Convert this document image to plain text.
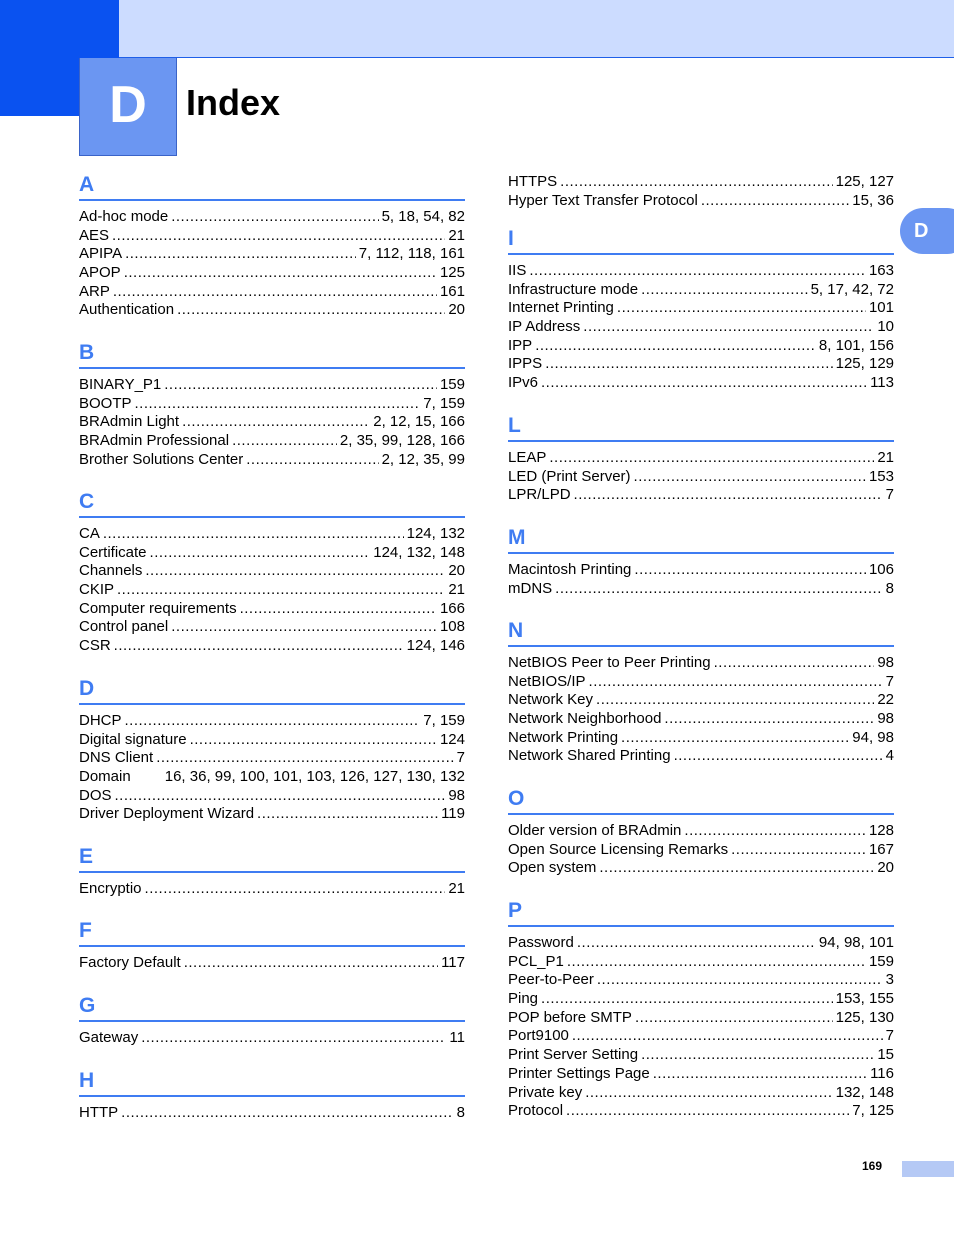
D	Index
D
A
Ad-hoc mode .....	5, 18, 54, 82
AES .....	21
APIPA .....	7, 112, 118, 161
APOP .....	125
ARP .....	161
Authentication .....	20
B
BINARY_P1 .....	159
BOOTP .....	7, 159
BRAdmin Light .....	2, 12, 15, 166
BRAdmin Professional .....	2, 35, 99, 128, 166
Brother Solutions Center .....	2, 12, 35, 99
C
CA .....	124, 132
Certificate .....	124, 132, 148
Channels .....	20
CKIP .....	21
Computer requirements .....	166
Control panel .....	108
CSR .....	124, 146
D
DHCP .....	7, 159
Digital signature .....	124
DNS Client .....	7
Domain 16, 36, 99, 100, 101, 103, 126, 127, 130, 132
DOS .....	98
Driver Deployment Wizard .....	119
E
Encryptio .....	21
F
Factory Default .....	117
G
Gateway .....	11
H
HTTP .....	8
HTTPS .....	125, 127
Hyper Text Transfer Protocol .....	15, 36
I
IIS .....	163
Infrastructure mode .....	5, 17, 42, 72
Internet Printing .....	101
IP Address .....	10
IPP .....	8, 101, 156
IPPS .....	125, 129
IPv6 .....	113
L
LEAP .....	21
LED (Print Server) .....	153
LPR/LPD .....	7
M
Macintosh Printing .....	106
mDNS .....	8
N
NetBIOS Peer to Peer Printing .....	98
NetBIOS/IP .....	7
Network Key .....	22
Network Neighborhood .....	98
Network Printing .....	94, 98
Network Shared Printing .....	4
O
Older version of BRAdmin .....	128
Open Source Licensing Remarks .....	167
Open system .....	20
P
Password .....	94, 98, 101
PCL_P1 .....	159
Peer-to-Peer .....	3
Ping .....	153, 155
POP before SMTP .....	125, 130
Port9100 .....	7
Print Server Setting .....	15
Printer Settings Page .....	116
Private key .....	132, 148
Protocol .....	7, 125
169
